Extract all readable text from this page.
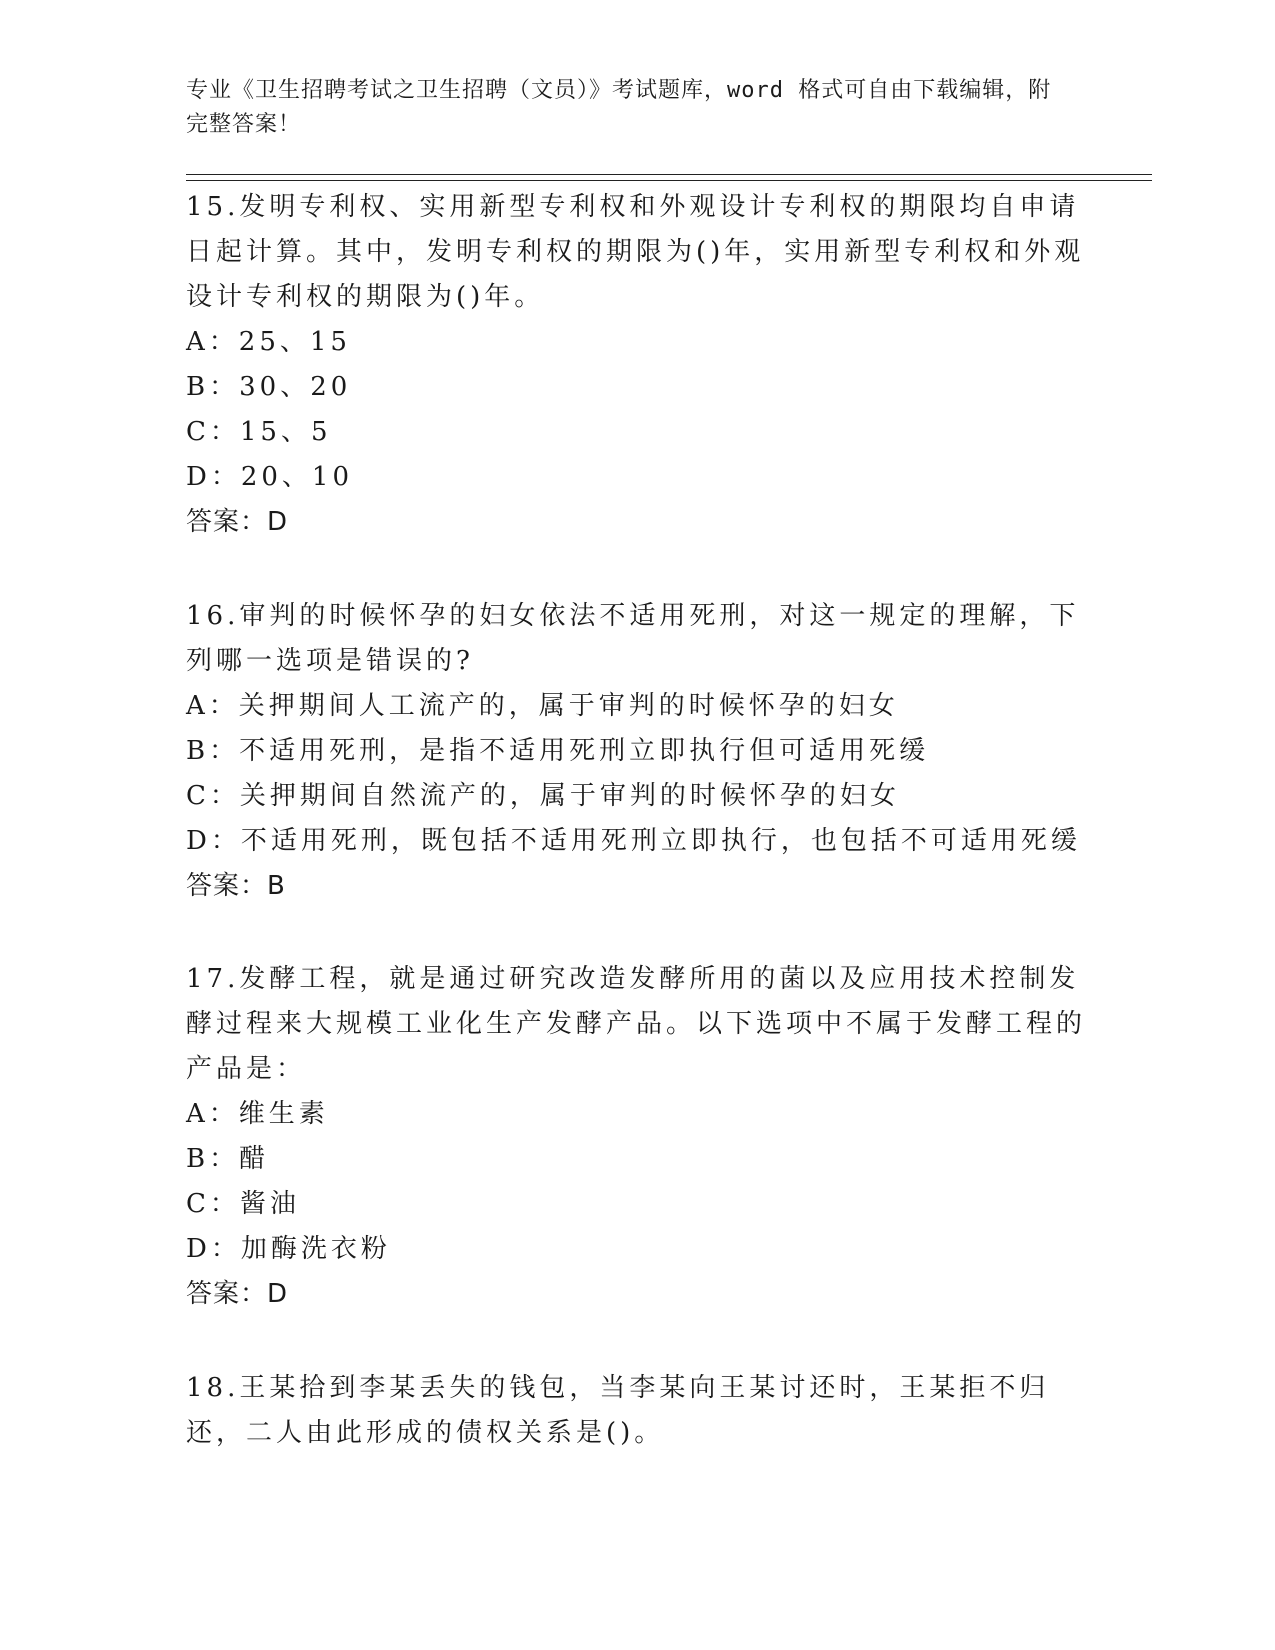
专业《卫生招聘考试之卫生招聘（文员）》考试题库，word 格式可自由下载编辑，附完整答案！
15.发明专利权、实用新型专利权和外观设计专利权的期限均自申请日起计算。其中，发明专利权的期限为()年，实用新型专利权和外观设计专利权的期限为()年。
A：25、15
B：30、20
C：15、5
D：20、10
答案：D
16.审判的时候怀孕的妇女依法不适用死刑，对这一规定的理解，下列哪一选项是错误的?
A：关押期间人工流产的，属于审判的时候怀孕的妇女
B：不适用死刑，是指不适用死刑立即执行但可适用死缓
C：关押期间自然流产的，属于审判的时候怀孕的妇女
D：不适用死刑，既包括不适用死刑立即执行，也包括不可适用死缓
答案：B
17.发酵工程，就是通过研究改造发酵所用的菌以及应用技术控制发酵过程来大规模工业化生产发酵产品。以下选项中不属于发酵工程的产品是：
A：维生素
B：醋
C：酱油
D：加酶洗衣粉
答案：D
18.王某拾到李某丢失的钱包，当李某向王某讨还时，王某拒不归还，二人由此形成的债权关系是()。
